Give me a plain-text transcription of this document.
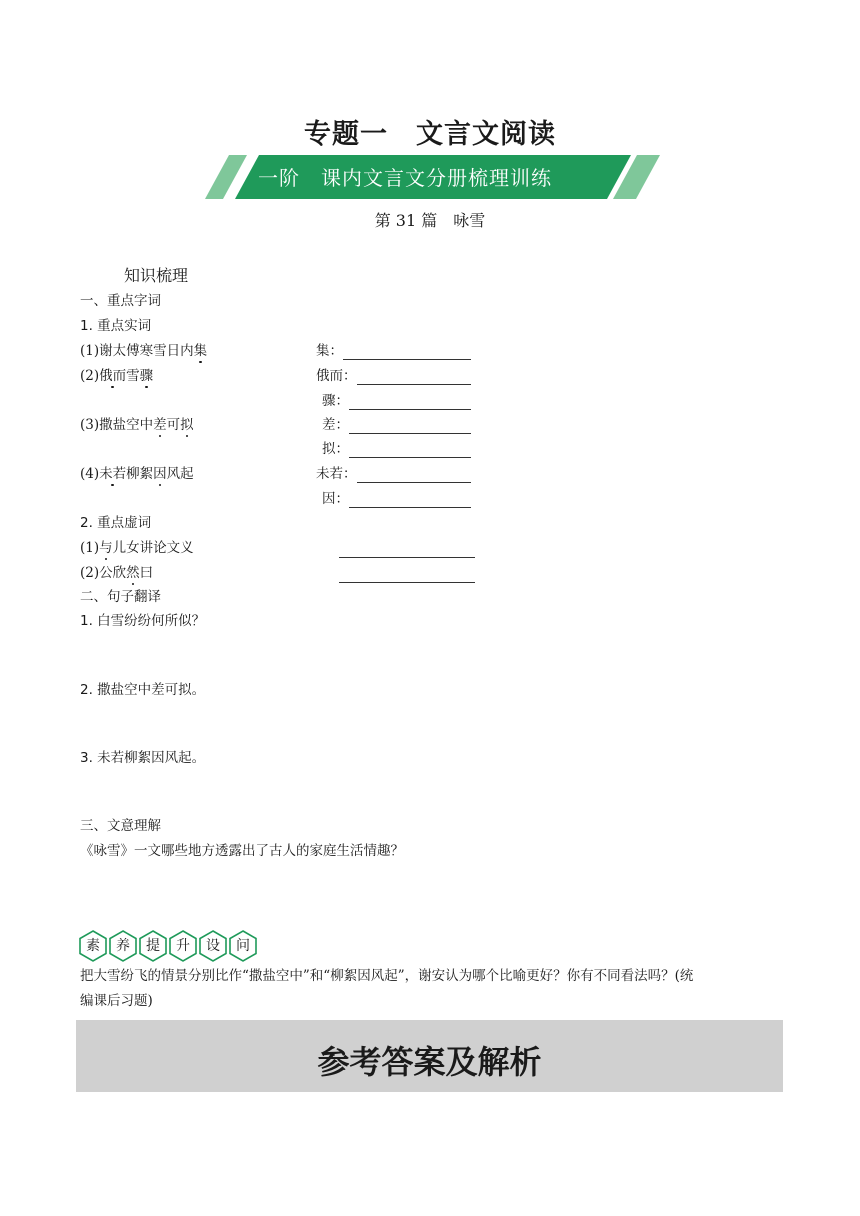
专题一　文言文阅读
一阶　课内文言文分册梳理训练
第 31 篇　咏雪
知识梳理
一、重点字词
1. 重点实词
(1)谢太傅寒雪日内集	集：
(2)俄而雪骤	俄而：
骤：
(3)撒盐空中差可拟	差：
拟：
(4)未若柳絮因风起	未若：
因：
2. 重点虚词
(1)与儿女讲论文义
(2)公欣然曰
二、句子翻译
1. 白雪纷纷何所似？
2. 撒盐空中差可拟。
3. 未若柳絮因风起。
三、文意理解
《咏雪》一文哪些地方透露出了古人的家庭生活情趣？
素	养	提	升	设	问
把大雪纷飞的情景分别比作“撒盐空中”和“柳絮因风起”，谢安认为哪个比喻更好？你有不同看法吗？(统
编课后习题)
参考答案及解析
